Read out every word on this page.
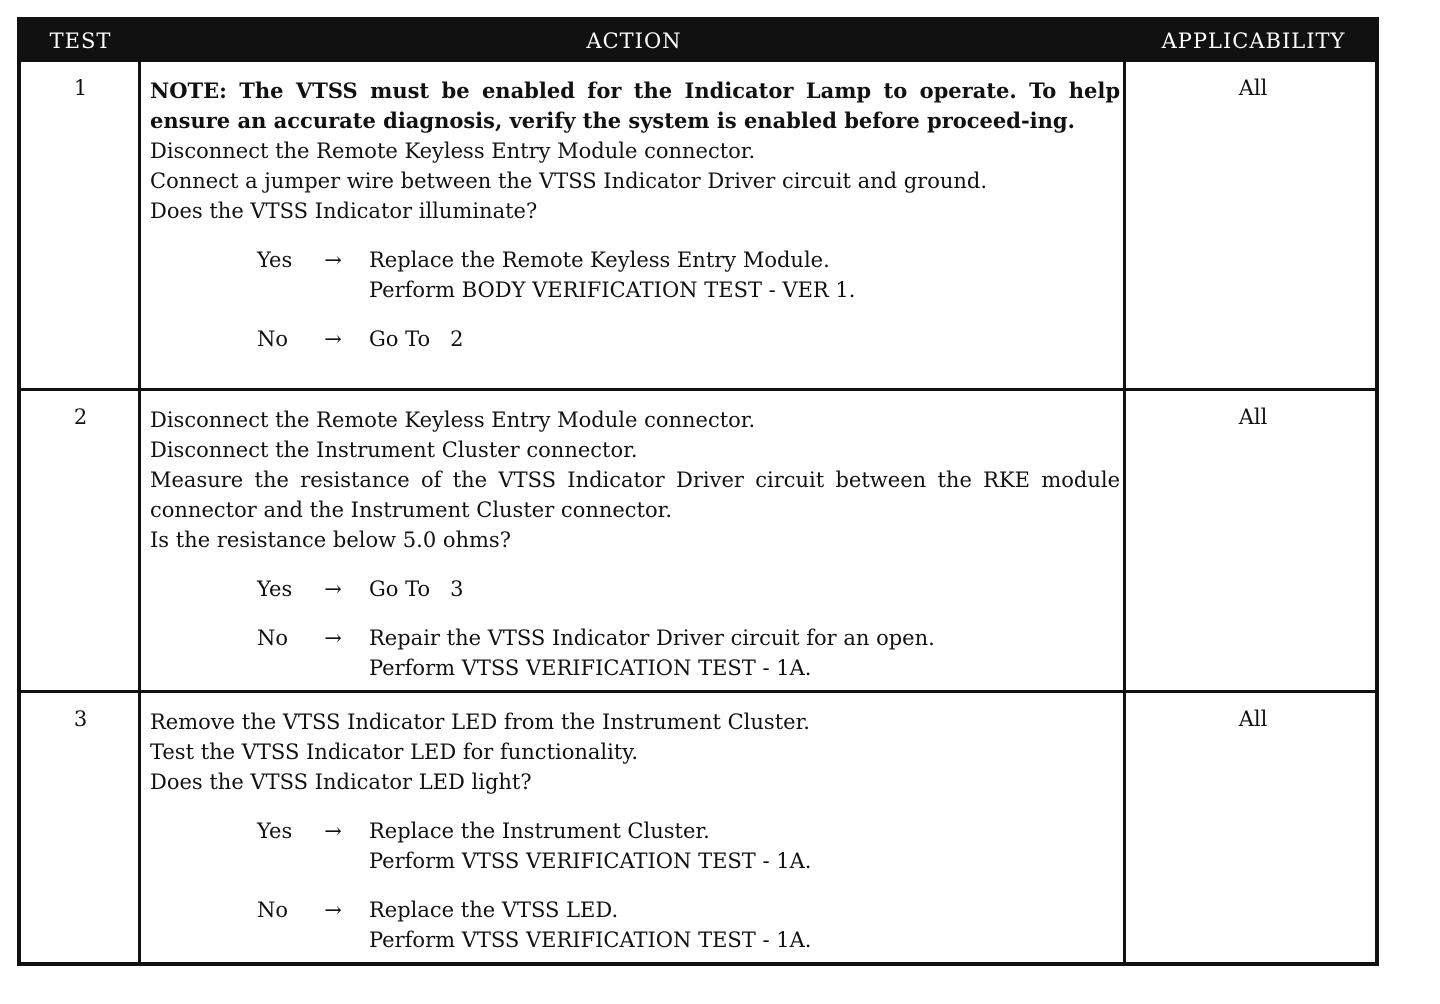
TEST	ACTION	APPLICABILITY
1	NOTE: The VTSS must be enabled for the Indicator Lamp to operate. To help ensure an accurate diagnosis, verify the system is enabled before proceed-ing.
Disconnect the Remote Keyless Entry Module connector.
Connect a jumper wire between the VTSS Indicator Driver circuit and ground.
Does the VTSS Indicator illuminate?
Yes	→ Replace the Remote Keyless Entry Module.
Perform BODY VERIFICATION TEST - VER 1.
No	→ Go To   2
All
2	Disconnect the Remote Keyless Entry Module connector.
Disconnect the Instrument Cluster connector.
Measure the resistance of the VTSS Indicator Driver circuit between the RKE module connector and the Instrument Cluster connector.
Is the resistance below 5.0 ohms?
Yes	→ Go To   3
No	→ Repair the VTSS Indicator Driver circuit for an open.
Perform VTSS VERIFICATION TEST - 1A.
All
3	Remove the VTSS Indicator LED from the Instrument Cluster.
Test the VTSS Indicator LED for functionality.
Does the VTSS Indicator LED light?
Yes	→ Replace the Instrument Cluster.
Perform VTSS VERIFICATION TEST - 1A.
No	→ Replace the VTSS LED.
Perform VTSS VERIFICATION TEST - 1A.
All
